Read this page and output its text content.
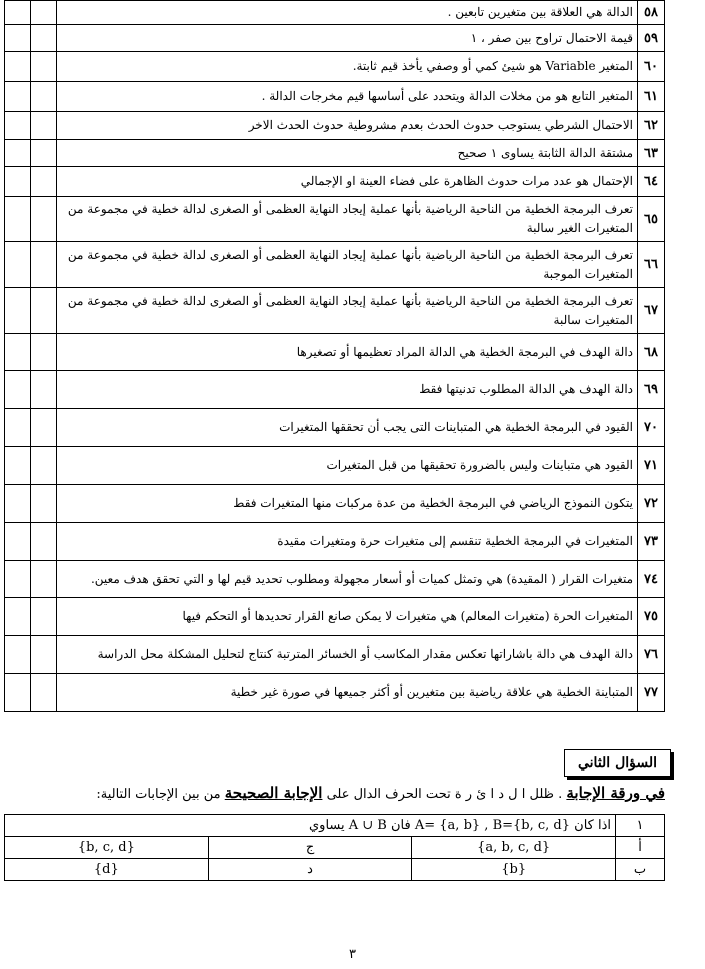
٥٨	الدالة هي العلاقة بين متغيرين تابعين .		
٥٩	قيمة الاحتمال تراوح بين صفر ، ١		
٦٠	المتغير Variable هو شيئ كمي أو وصفي يأخذ قيم ثابتة.		
٦١	المتغير التابع هو من مخلات الدالة ويتحدد على أساسها قيم مخرجات الدالة .		
٦٢	الاحتمال الشرطي يستوجب حدوث الحدث بعدم مشروطية حدوث الحدث الاخر		
٦٣	مشتقة الدالة الثابتة يساوى ١ صحيح		
٦٤	الإحتمال هو عدد مرات حدوث الظاهرة على فضاء العينة او الإجمالي		
٦٥	تعرف البرمجة الخطية من الناحية الرياضية بأنها عملية إيجاد النهاية العظمى أو الصغرى لدالة خطية في مجموعة من المتغيرات الغير سالبة		
٦٦	تعرف البرمجة الخطية من الناحية الرياضية بأنها عملية إيجاد النهاية العظمى أو الصغرى لدالة خطية في مجموعة من المتغيرات الموجبة		
٦٧	تعرف البرمجة الخطية من الناحية الرياضية بأنها عملية إيجاد النهاية العظمى أو الصغرى لدالة خطية في مجموعة من المتغيرات سالبة		
٦٨	دالة الهدف في البرمجة الخطية هي الدالة المراد تعظيمها أو تصغيرها		
٦٩	دالة الهدف هي الدالة المطلوب تدنيتها فقط		
٧٠	القيود في البرمجة الخطية هي المتباينات التى يجب أن تحققها المتغيرات		
٧١	القيود هي متباينات وليس بالضرورة تحقيقها من قبل المتغيرات		
٧٢	يتكون النموذج الرياضي في البرمجة الخطية من عدة مركبات منها المتغيرات فقط		
٧٣	المتغيرات في البرمجة الخطية تنقسم إلى متغيرات حرة ومتغيرات مقيدة		
٧٤	متغيرات القرار ( المقيدة) هي وتمثل كميات أو أسعار مجهولة ومطلوب تحديد قيم لها و التي تحقق هدف معين.		
٧٥	المتغيرات الحرة (متغيرات المعالم) هي متغيرات لا يمكن صانع القرار تحديدها أو التحكم فيها		
٧٦	دالة الهدف هي دالة باشاراتها تعكس مقدار المكاسب أو الخسائر المترتبة كنتاج لتحليل المشكلة محل الدراسة		
٧٧	المتباينة الخطية هي علاقة رياضية بين متغيرين أو أكثر جميعها في صورة غير خطية		
السؤال الثاني
في ورقة الإجابة . ظلل ا ل د ا ئ ر ة تحت الحرف الدال على الإجابة الصحيحة من بين الإجابات التالية:
١	اذا كان A= {a, b} , B={b, c, d} فان A ∪ B يساوي		
أ	{a, b, c, d}	ج	{b, c, d}
ب	{b}	د	{d}
٣
